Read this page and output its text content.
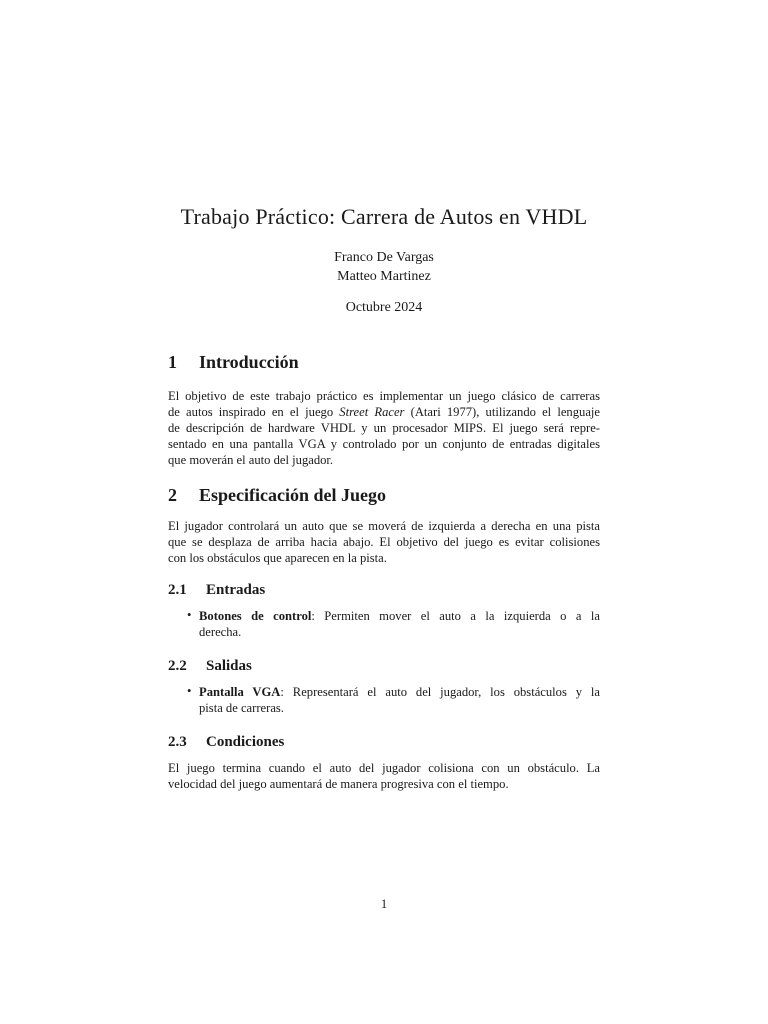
Trabajo Práctico: Carrera de Autos en VHDL
Franco De Vargas
Matteo Martinez
Octubre 2024
1 Introducción
El objetivo de este trabajo práctico es implementar un juego clásico de carreras
de autos inspirado en el juego Street Racer (Atari 1977), utilizando el lenguaje
de descripción de hardware VHDL y un procesador MIPS. El juego será repre-
sentado en una pantalla VGA y controlado por un conjunto de entradas digitales
que moverán el auto del jugador.
2 Especificación del Juego
El jugador controlará un auto que se moverá de izquierda a derecha en una pista
que se desplaza de arriba hacia abajo. El objetivo del juego es evitar colisiones
con los obstáculos que aparecen en la pista.
2.1 Entradas
• Botones de control: Permiten mover el auto a la izquierda o a la
derecha.
2.2 Salidas
• Pantalla VGA: Representará el auto del jugador, los obstáculos y la
pista de carreras.
2.3 Condiciones
El juego termina cuando el auto del jugador colisiona con un obstáculo. La
velocidad del juego aumentará de manera progresiva con el tiempo.
1
